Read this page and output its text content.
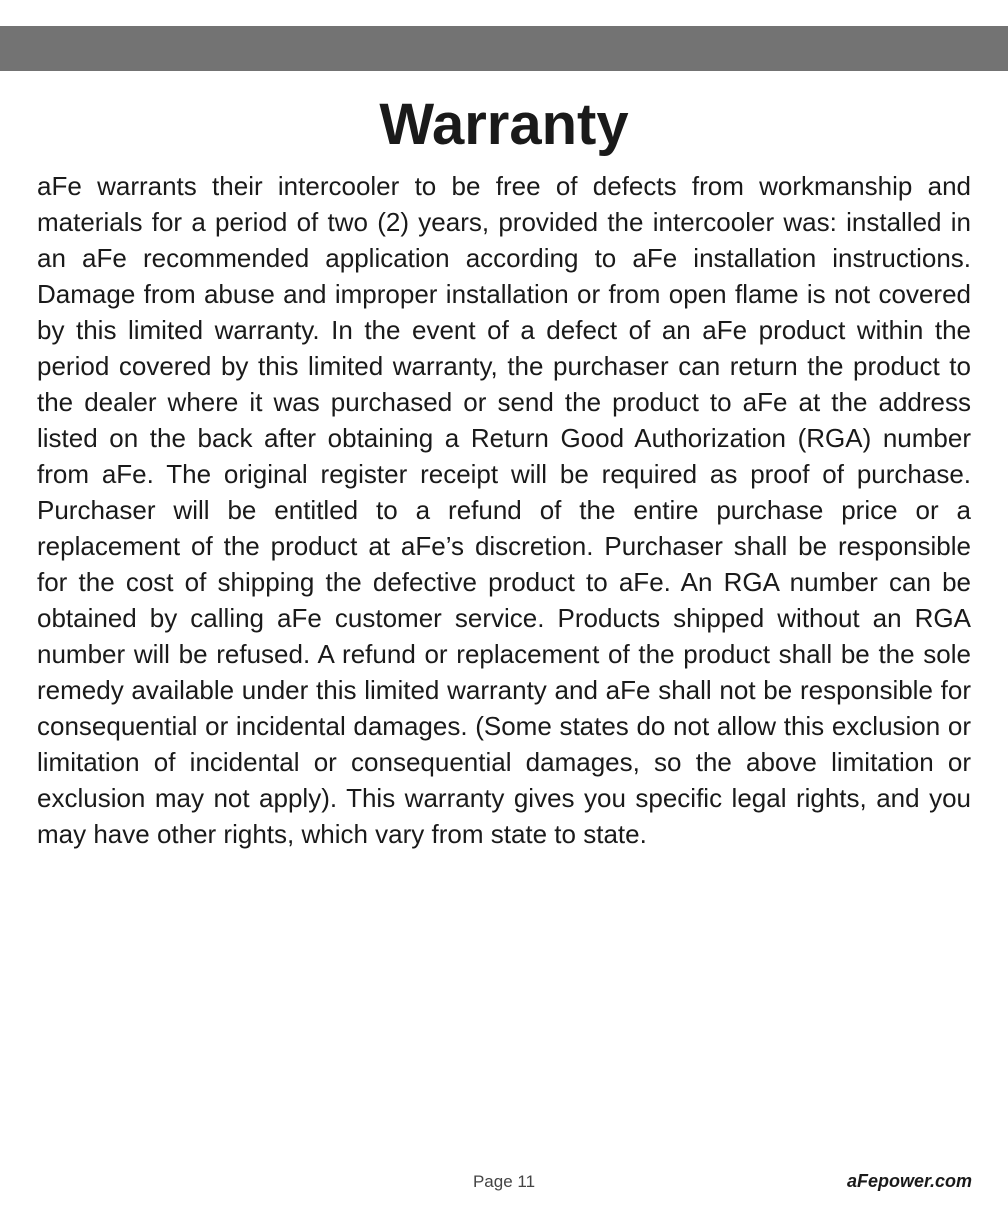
Warranty

aFe warrants their intercooler to be free of defects from workmanship and materials for a period of two (2) years, provided the intercooler was: installed in an aFe recommended application according to aFe installation instructions. Damage from abuse and improper installation or from open flame is not covered by this limited warranty. In the event of a defect of an aFe product within the period covered by this limited warranty, the purchaser can return the product to the dealer where it was purchased or send the product to aFe at the address listed on the back after obtaining a Return Good Authorization (RGA) number from aFe. The original register receipt will be required as proof of purchase. Purchaser will be entitled to a refund of the entire purchase price or a replacement of the product at aFe’s discretion. Purchaser shall be responsible for the cost of shipping the defective product to aFe. An RGA number can be obtained by calling aFe customer service. Products shipped without an RGA number will be refused. A refund or replacement of the product shall be the sole remedy available under this limited warranty and aFe shall not be responsible for consequential or incidental damages. (Some states do not allow this exclusion or limitation of incidental or consequential damages, so the above limitation or exclusion may not apply). This warranty gives you specific legal rights, and you may have other rights, which vary from state to state.

Page 11	aFepower.com
